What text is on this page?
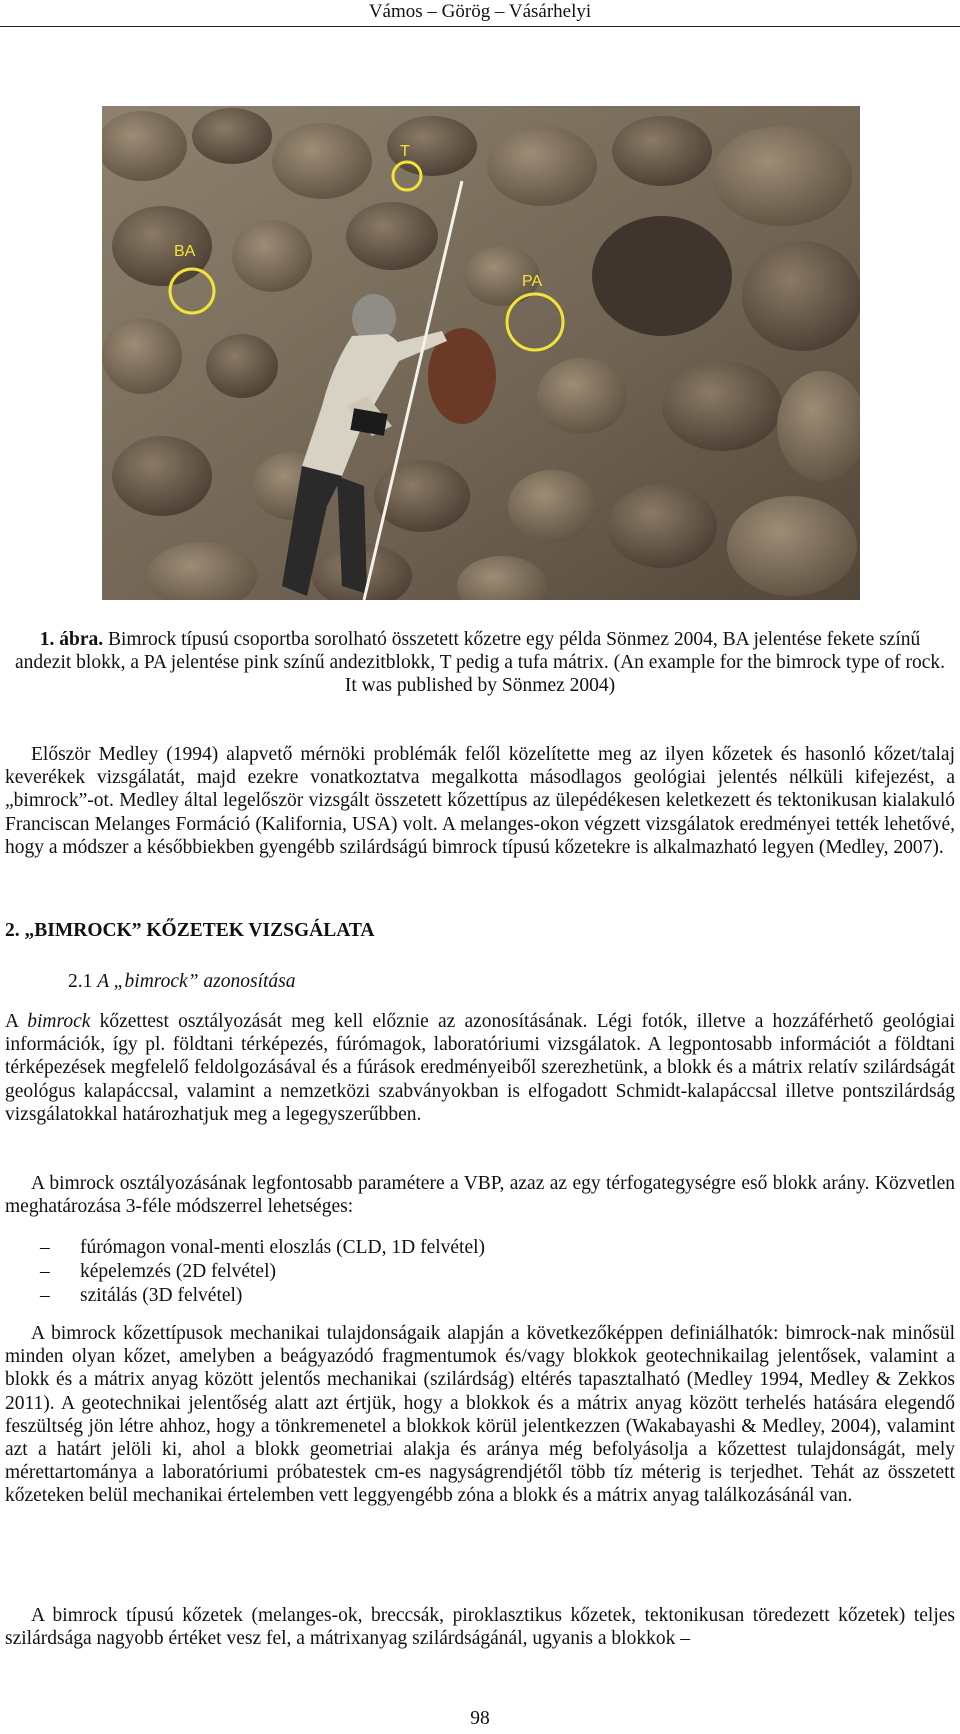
Vámos – Görög – Vásárhelyi
T
BA
PA
1. ábra. Bimrock típusú csoportba sorolható összetett kőzetre egy példa Sönmez 2004, BA jelentése fekete színű andezit blokk, a PA jelentése pink színű andezitblokk, T pedig a tufa mátrix. (An example for the bimrock type of rock. It was published by Sönmez 2004)

Először Medley (1994) alapvető mérnöki problémák felől közelítette meg az ilyen kőzetek és hasonló kőzet/talaj keverékek vizsgálatát, majd ezekre vonatkoztatva megalkotta másodlagos geológiai jelentés nélküli kifejezést, a „bimrock”-ot. Medley által legelőször vizsgált összetett kőzettípus az ülepédékesen keletkezett és tektonikusan kialakuló Franciscan Melanges Formáció (Kalifornia, USA) volt. A melanges-okon végzett vizsgálatok eredményei tették lehetővé, hogy a módszer a későbbiekben gyengébb szilárdságú bimrock típusú kőzetekre is alkalmazható legyen (Medley, 2007).

2. „BIMROCK” KŐZETEK VIZSGÁLATA

2.1 A „bimrock” azonosítása

A bimrock kőzettest osztályozását meg kell előznie az azonosításának. Légi fotók, illetve a hozzáférhető geológiai információk, így pl. földtani térképezés, fúrómagok, laboratóriumi vizsgálatok. A legpontosabb információt a földtani térképezések megfelelő feldolgozásával és a fúrások eredményeiből szerezhetünk, a blokk és a mátrix relatív szilárdságát geológus kalapáccsal, valamint a nemzetközi szabványokban is elfogadott Schmidt-kalapáccsal illetve pontszilárdság vizsgálatokkal határozhatjuk meg a legegyszerűbben.

A bimrock osztályozásának legfontosabb paramétere a VBP, azaz az egy térfogategységre eső blokk arány. Közvetlen meghatározása 3-féle módszerrel lehetséges:

– fúrómagon vonal-menti eloszlás (CLD, 1D felvétel)
– képelemzés (2D felvétel)
– szitálás (3D felvétel)

A bimrock kőzettípusok mechanikai tulajdonságaik alapján a következőképpen definiálhatók: bimrock-nak minősül minden olyan kőzet, amelyben a beágyazódó fragmentumok és/vagy blokkok geotechnikailag jelentősek, valamint a blokk és a mátrix anyag között jelentős mechanikai (szilárdság) eltérés tapasztalható (Medley 1994, Medley & Zekkos 2011). A geotechnikai jelentőség alatt azt értjük, hogy a blokkok és a mátrix anyag között terhelés hatására elegendő feszültség jön létre ahhoz, hogy a tönkremenetel a blokkok körül jelentkezzen (Wakabayashi & Medley, 2004), valamint azt a határt jelöli ki, ahol a blokk geometriai alakja és aránya még befolyásolja a kőzettest tulajdonságát, mely mérettartománya a laboratóriumi próbatestek cm-es nagyságrendjétől több tíz méterig is terjedhet. Tehát az összetett kőzeteken belül mechanikai értelemben vett leggyengébb zóna a blokk és a mátrix anyag találkozásánál van.

A bimrock típusú kőzetek (melanges-ok, breccsák, piroklasztikus kőzetek, tektonikusan töredezett kőzetek) teljes szilárdsága nagyobb értéket vesz fel, a mátrixanyag szilárdságánál, ugyanis a blokkok –

98
